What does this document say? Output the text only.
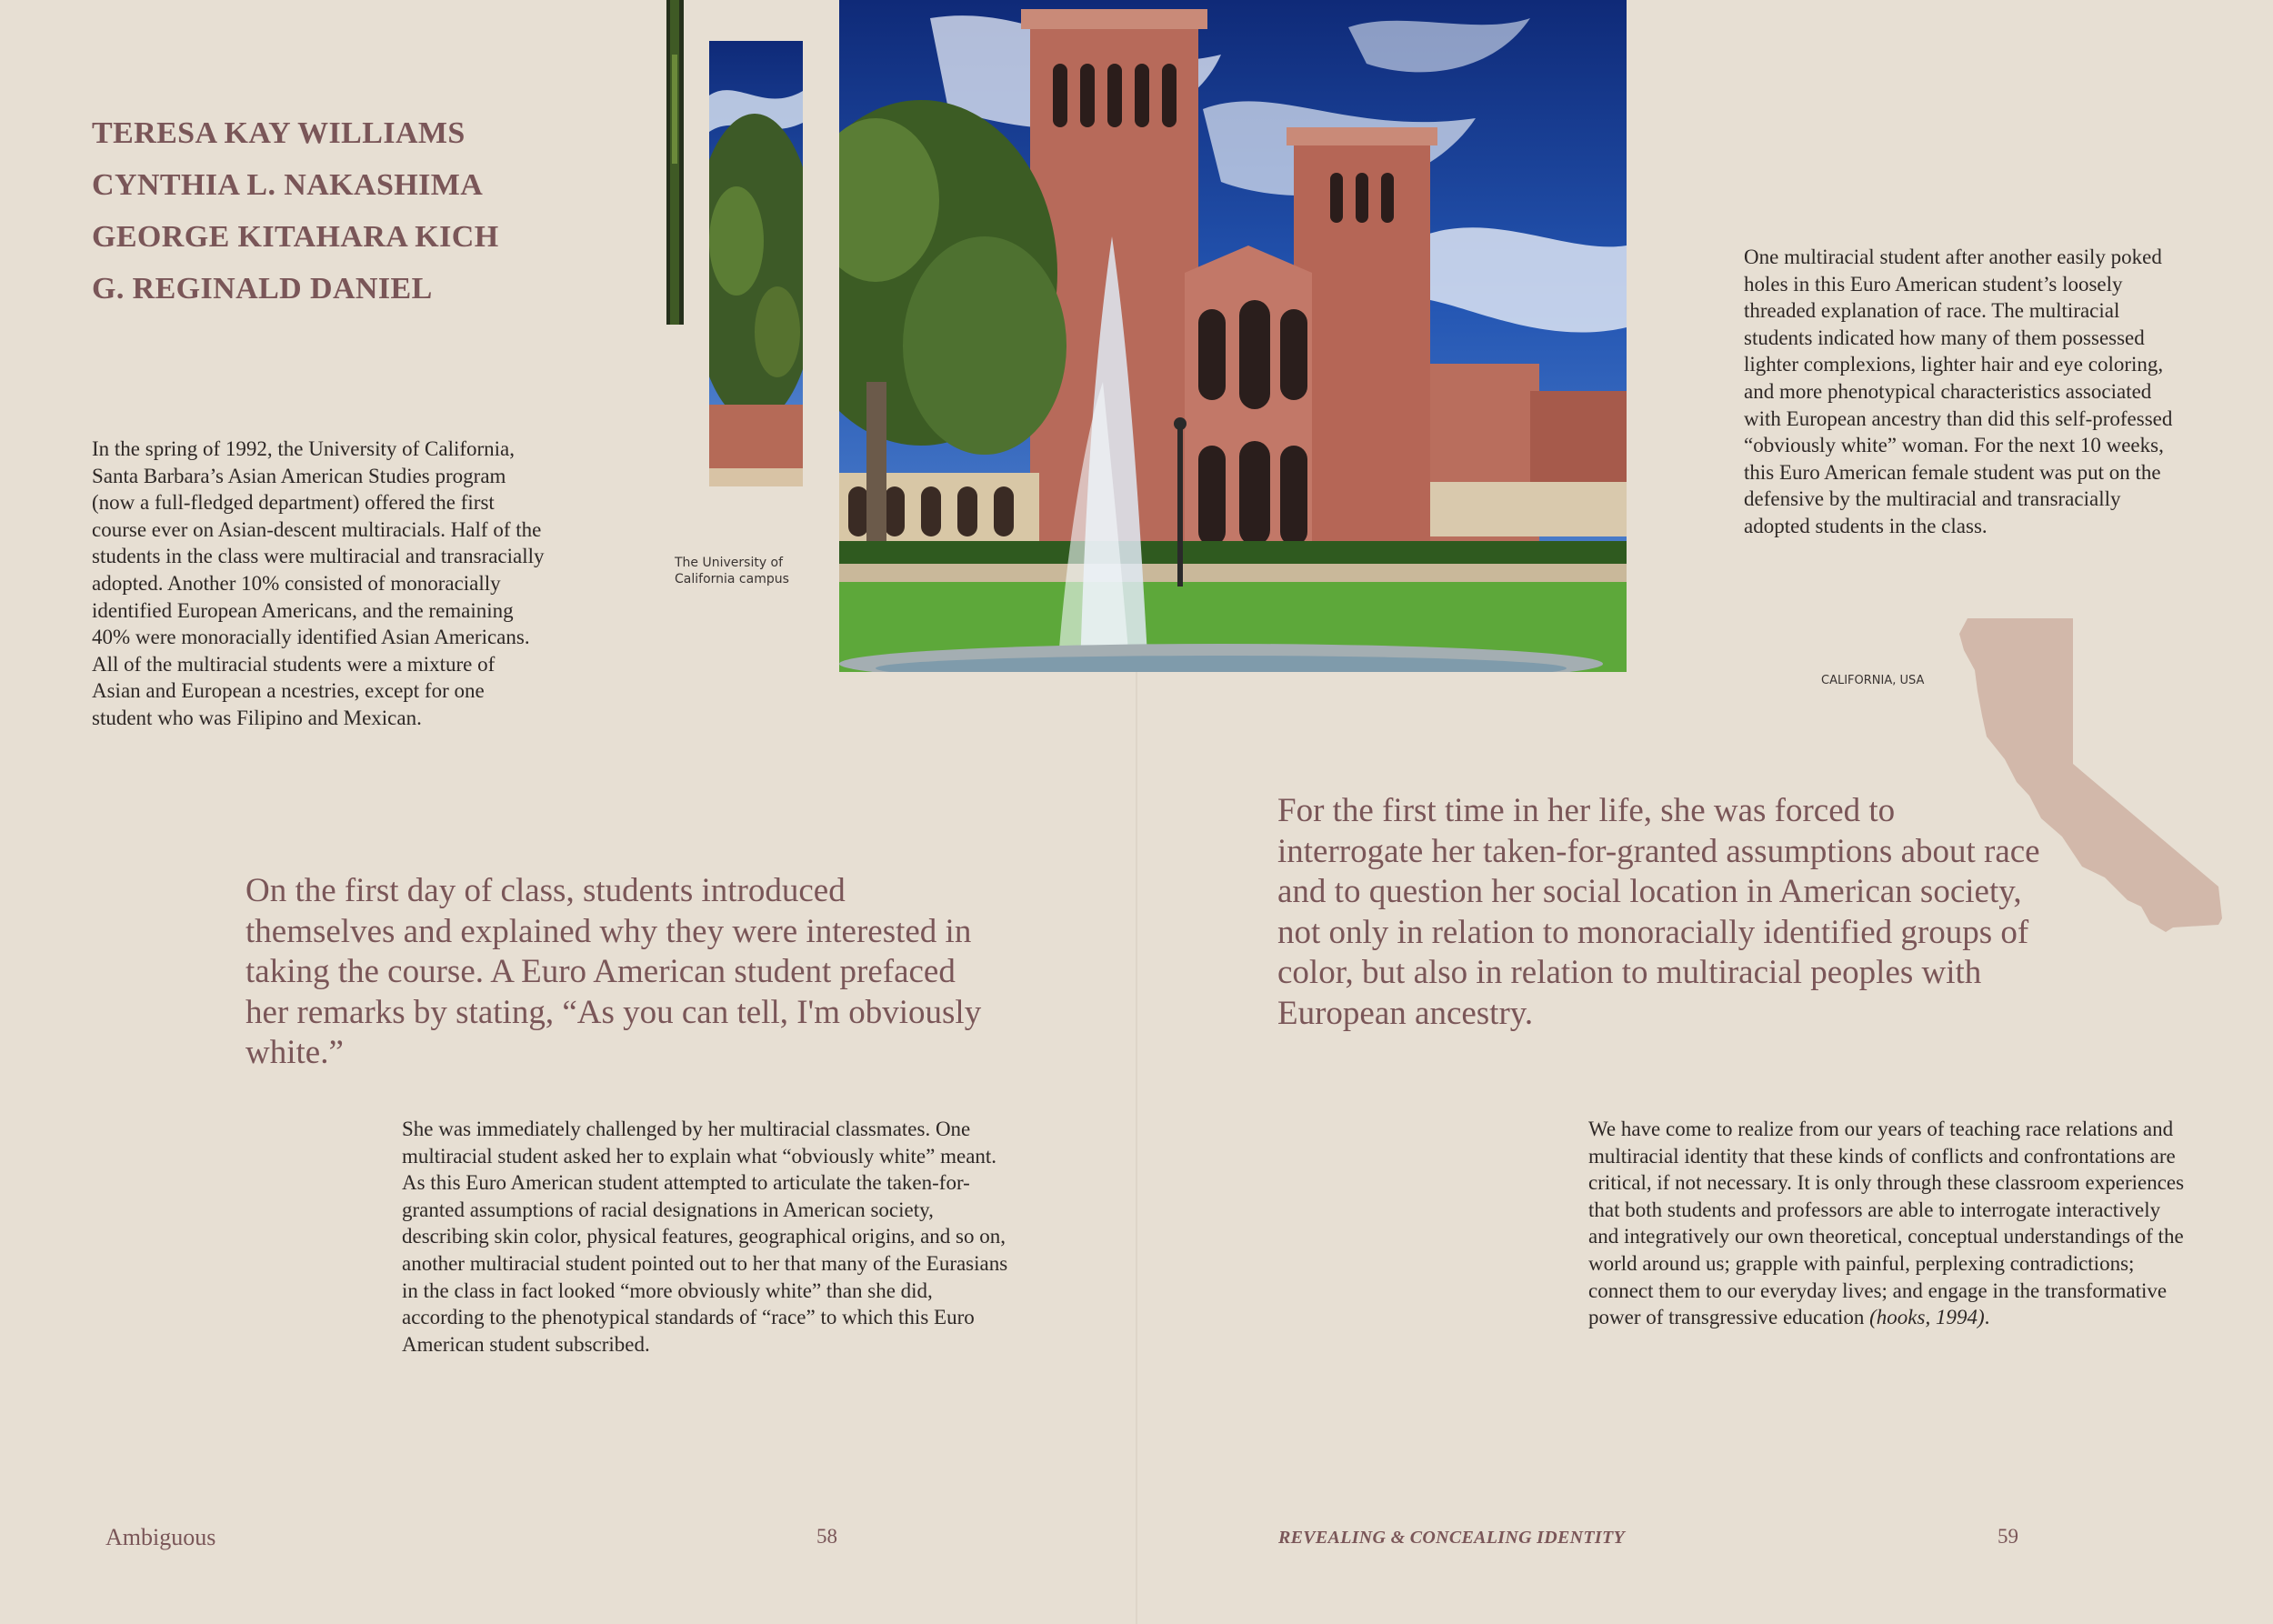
TERESA KAY WILLIAMS
CYNTHIA L. NAKASHIMA
GEORGE KITAHARA KICH
G. REGINALD DANIEL

In the spring of 1992, the University of California, Santa Barbara’s Asian American Studies program (now a full-fledged department) offered the first course ever on Asian-descent multiracials. Half of the students in the class were multiracial and transracially adopted. Another 10% consisted of monoracially identified European Americans, and the remaining 40% were monoracially identified Asian Americans. All of the multiracial students were a mixture of Asian and European a ncestries, except for one student who was Filipino and Mexican.

The University of California campus

On the first day of class, students introduced themselves and explained why they were interested in taking the course. A Euro American student prefaced her remarks by stating, “As you can tell, I'm obviously white.”

She was immediately challenged by her multiracial classmates. One multiracial student asked her to explain what “obviously white” meant. As this Euro American student attempted to articulate the taken-for-granted assumptions of racial designations in American society, describing skin color, physical features, geographical origins, and so on, another multiracial student pointed out to her that many of the Eurasians in the class in fact looked “more obviously white” than she did, according to the phenotypical standards of “race” to which this Euro American student subscribed.

One multiracial student after another easily poked holes in this Euro American student’s loosely threaded explanation of race. The multiracial students indicated how many of them possessed lighter complexions, lighter hair and eye coloring, and more phenotypical characteristics associated with European ancestry than did this self-professed “obviously white” woman. For the next 10 weeks, this Euro American female student was put on the defensive by the multiracial and transracially adopted students in the class.

CALIFORNIA, USA

For the first time in her life, she was forced to interrogate her taken-for-granted assumptions about race and to question her social location in American society, not only in relation to monoracially identified groups of color, but also in relation to multiracial peoples with European ancestry.

We have come to realize from our years of teaching race relations and multiracial identity that these kinds of conflicts and confrontations are critical, if not necessary. It is only through these classroom experiences that both students and professors are able to interrogate interactively and integratively our own theoretical, conceptual understandings of the world around us; grapple with painful, perplexing contradictions; connect them to our everyday lives; and engage in the transformative power of transgressive education (hooks, 1994).

Ambiguous	58	REVEALING & CONCEALING IDENTITY	59
